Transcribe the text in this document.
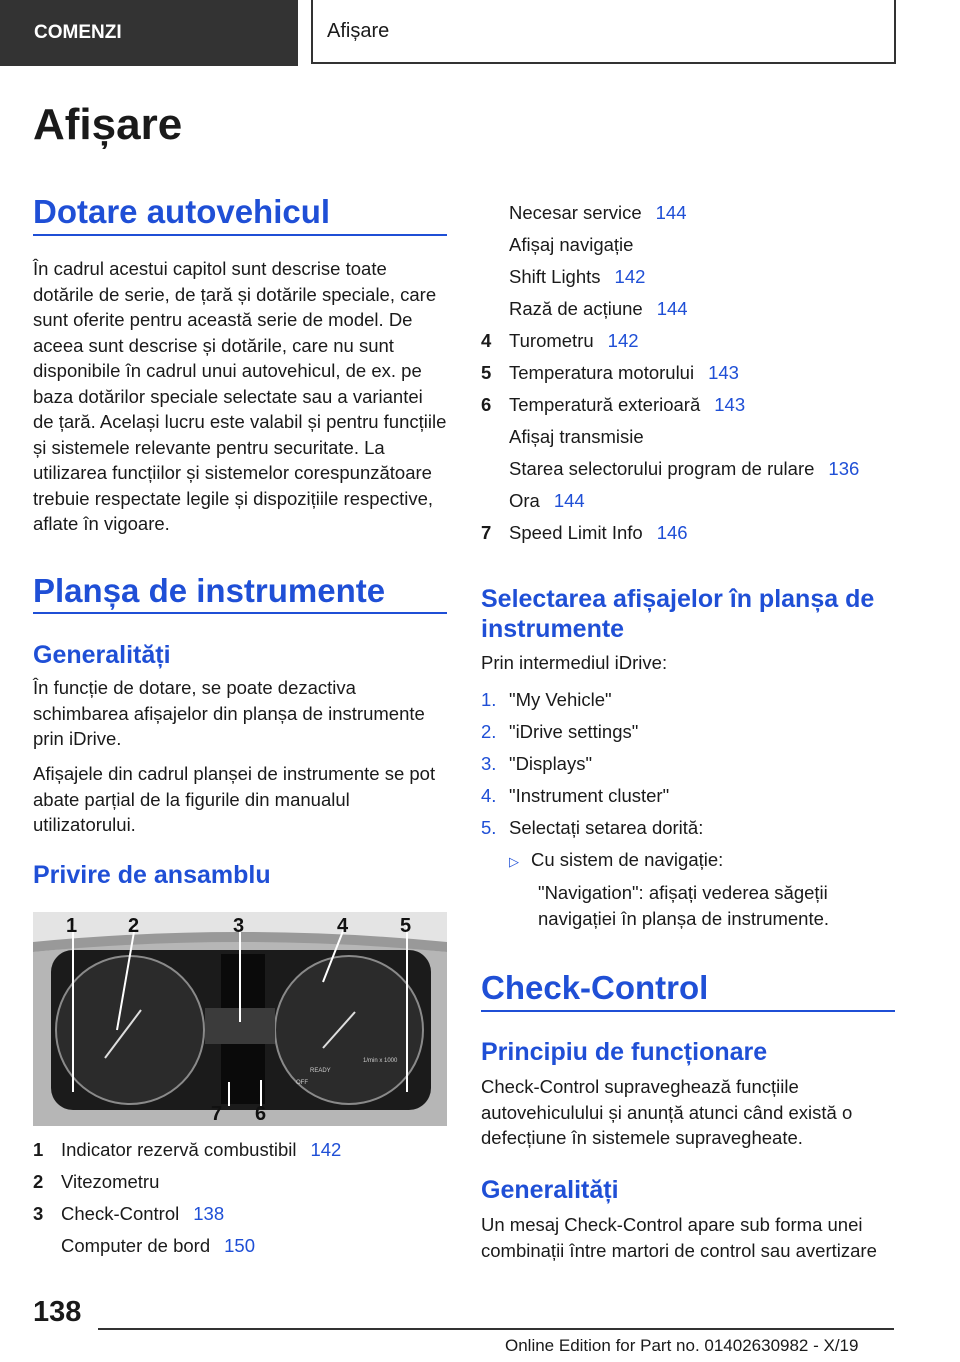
COMENZI	Afișare
Afișare
Dotare autovehicul

În cadrul acestui capitol sunt descrise toate dotările de serie, de țară și dotările speciale, care sunt oferite pentru această serie de model. De aceea sunt descrise și dotările, care nu sunt disponibile în cadrul unui autovehicul, de ex. pe baza dotărilor speciale selectate sau a variantei de țară. Același lucru este valabil și pentru funcțiile și sistemele relevante pentru securitate. La utilizarea funcțiilor și sistemelor corespunzătoare trebuie respectate legile și dispozițiile respective, aflate în vigoare.

Planșa de instrumente
Generalități

În funcție de dotare, se poate dezactiva schimbarea afișajelor din planșa de instrumente prin iDrive.

Afișajele din cadrul planșei de instrumente se pot abate parțial de la figurile din manualul utilizatorului.

Privire de ansamblu
READY
OFF
1/min x 1000
1	2	3	4	5
6
7
1 Indicator rezervă combustibil 142
2 Vitezometru
3 Check-Control 138
Computer de bord 150
Necesar service 144
Afișaj navigație
Shift Lights 142
Rază de acțiune 144
4 Turometru 142
5 Temperatura motorului 143
6 Temperatură exterioară 143
Afișaj transmisie
Starea selectorului program de rulare 136
Ora 144
7 Speed Limit Info 146
Selectarea afișajelor în planșa de instrumente

Prin intermediul iDrive:

1. "My Vehicle"
2. "iDrive settings"
3. "Displays"
4. "Instrument cluster"
5. Selectați setarea dorită:
▷ Cu sistem de navigație:

"Navigation": afișați vederea săgeții navigației în planșa de instrumente.

Check-Control
Principiu de funcționare

Check-Control supraveghează funcțiile autovehiculului și anunță atunci când există o defecțiune în sistemele supravegheate.

Generalități

Un mesaj Check-Control apare sub forma unei combinații între martori de control sau avertizare

138
Online Edition for Part no. 01402630982 - X/19
